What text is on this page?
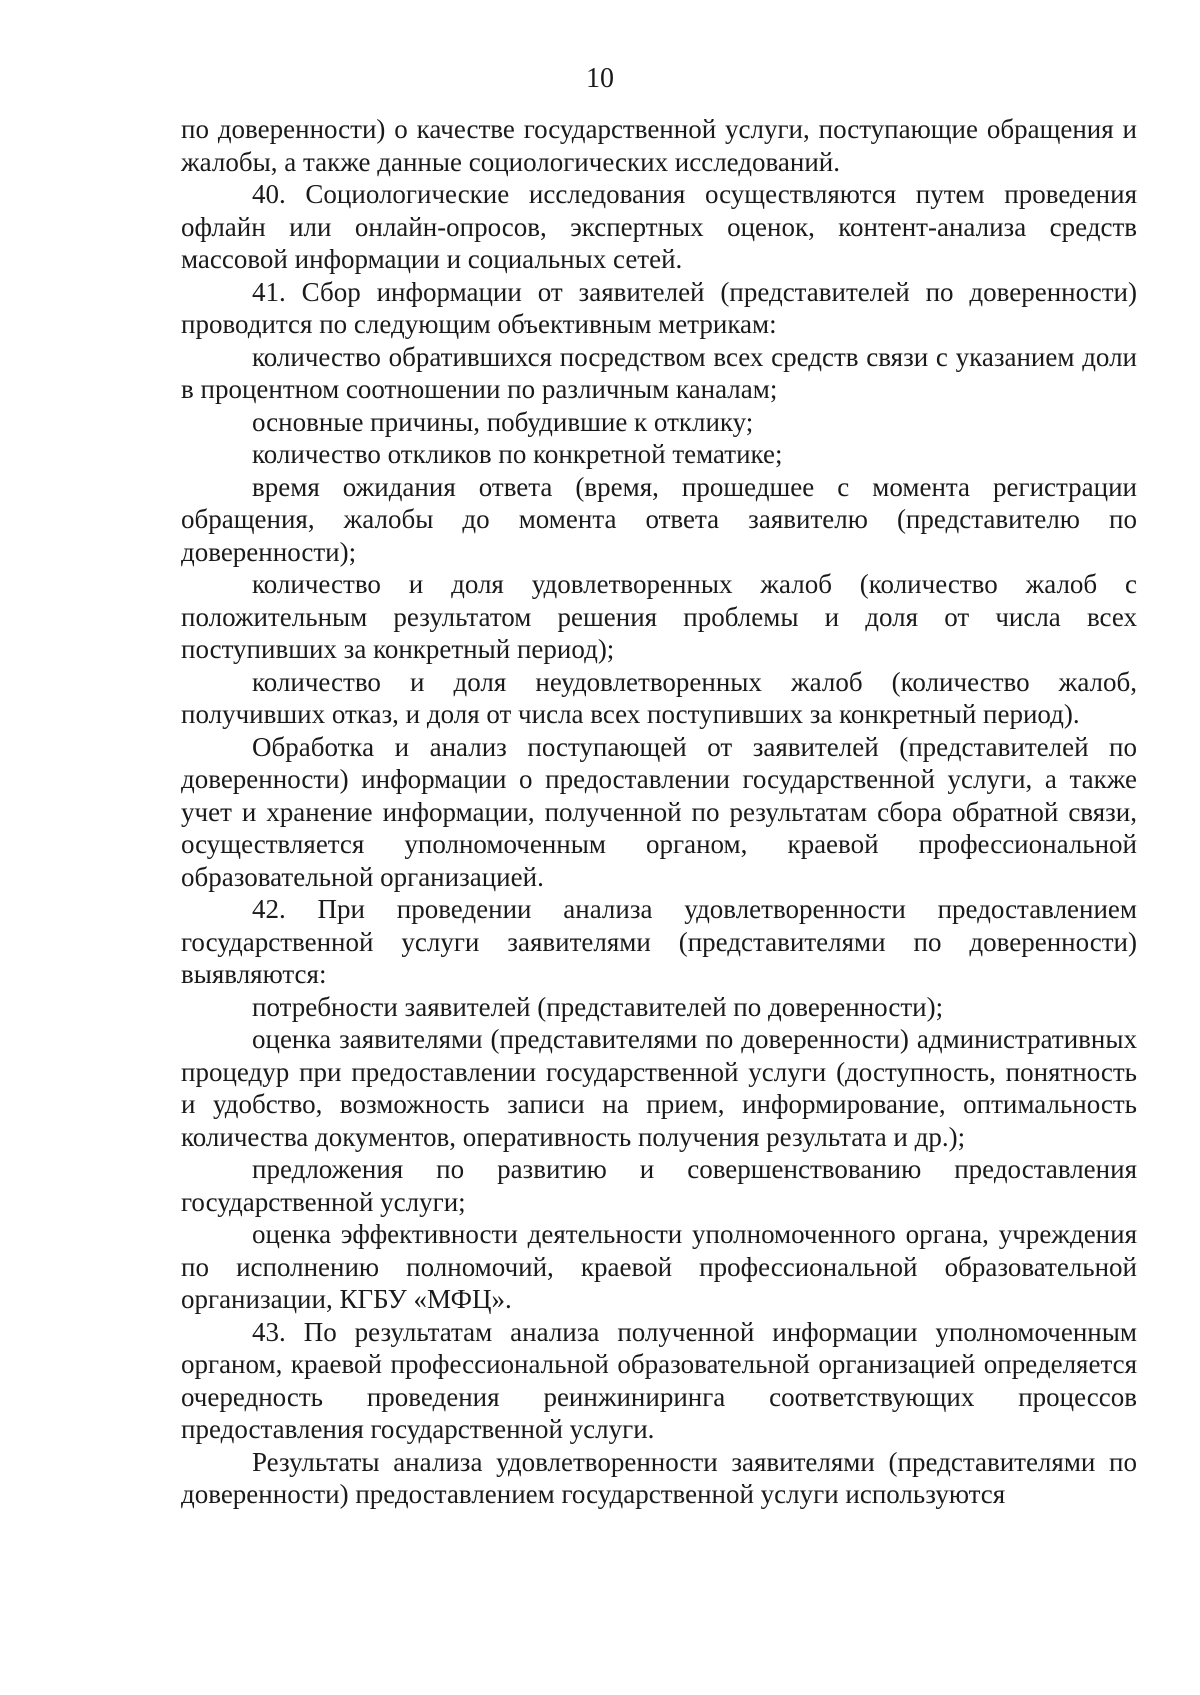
10

по доверенности) о качестве государственной услуги, поступающие обращения и жалобы, а также данные социологических исследований.

40. Социологические исследования осуществляются путем проведения офлайн или онлайн-опросов, экспертных оценок, контент-анализа средств массовой информации и социальных сетей.

41. Сбор информации от заявителей (представителей по доверенности) проводится по следующим объективным метрикам:

количество обратившихся посредством всех средств связи с указанием доли в процентном соотношении по различным каналам;

основные причины, побудившие к отклику;

количество откликов по конкретной тематике;

время ожидания ответа (время, прошедшее с момента регистрации обращения, жалобы до момента ответа заявителю (представителю по доверенности);

количество и доля удовлетворенных жалоб (количество жалоб с положительным результатом решения проблемы и доля от числа всех поступивших за конкретный период);

количество и доля неудовлетворенных жалоб (количество жалоб, получивших отказ, и доля от числа всех поступивших за конкретный период).

Обработка и анализ поступающей от заявителей (представителей по доверенности) информации о предоставлении государственной услуги, а также учет и хранение информации, полученной по результатам сбора обратной связи, осуществляется уполномоченным органом, краевой профессиональной образовательной организацией.

42. При проведении анализа удовлетворенности предоставлением государственной услуги заявителями (представителями по доверенности) выявляются:

потребности заявителей (представителей по доверенности);

оценка заявителями (представителями по доверенности) административных процедур при предоставлении государственной услуги (доступность, понятность и удобство, возможность записи на прием, информирование, оптимальность количества документов, оперативность получения результата и др.);

предложения по развитию и совершенствованию предоставления государственной услуги;

оценка эффективности деятельности уполномоченного органа, учреждения по исполнению полномочий, краевой профессиональной образовательной организации, КГБУ «МФЦ».

43. По результатам анализа полученной информации уполномоченным органом, краевой профессиональной образовательной организацией определяется очередность проведения реинжиниринга соответствующих процессов предоставления государственной услуги.

Результаты анализа удовлетворенности заявителями (представителями по доверенности) предоставлением государственной услуги используются
